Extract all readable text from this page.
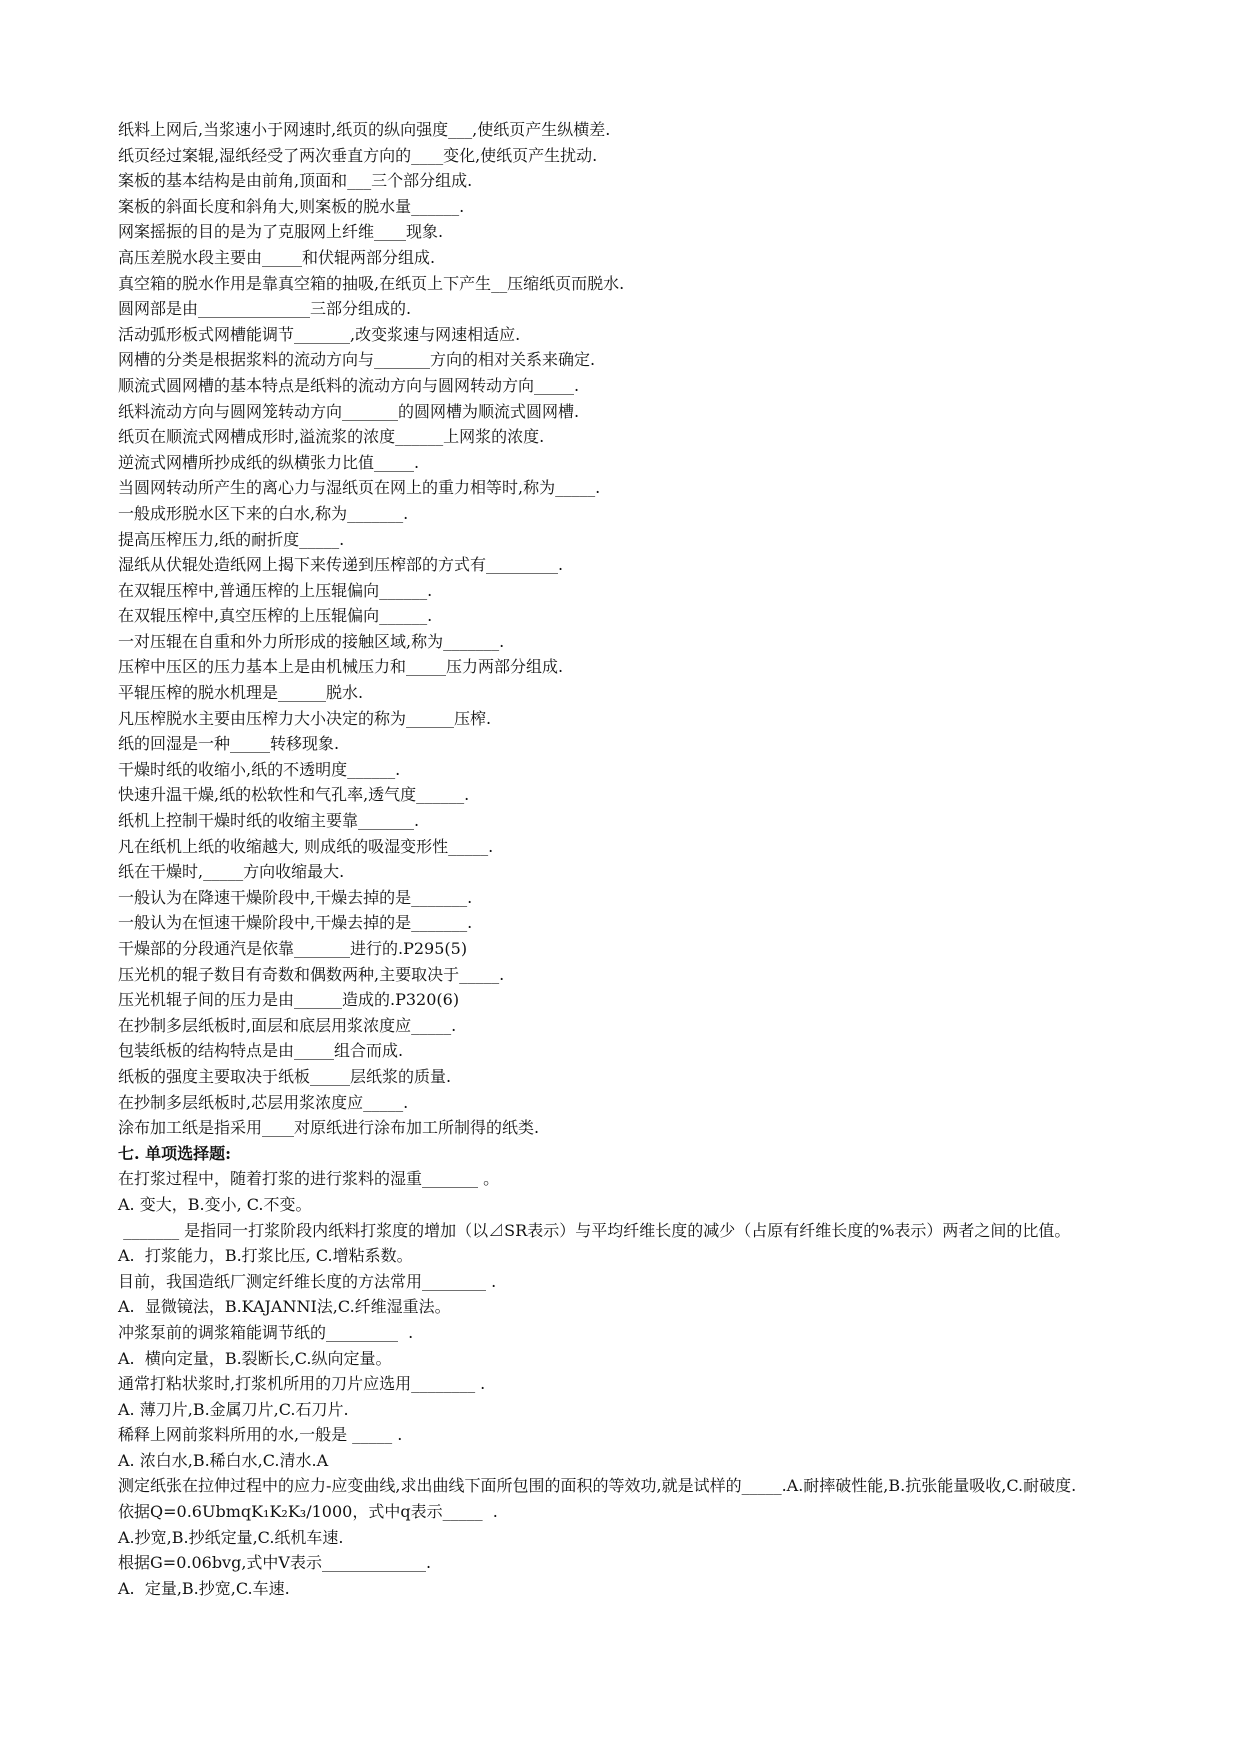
纸料上网后,当浆速小于网速时,纸页的纵向强度___,使纸页产生纵横差.
纸页经过案辊,湿纸经受了两次垂直方向的____变化,使纸页产生扰动.
案板的基本结构是由前角,顶面和___三个部分组成.
案板的斜面长度和斜角大,则案板的脱水量______.
网案摇振的目的是为了克服网上纤维____现象.
高压差脱水段主要由_____和伏辊两部分组成.
真空箱的脱水作用是靠真空箱的抽吸,在纸页上下产生__压缩纸页而脱水.
圆网部是由______________三部分组成的.
活动弧形板式网槽能调节_______,改变浆速与网速相适应.
网槽的分类是根据浆料的流动方向与_______方向的相对关系来确定.
顺流式圆网槽的基本特点是纸料的流动方向与圆网转动方向_____.
纸料流动方向与圆网笼转动方向_______的圆网槽为顺流式圆网槽.
纸页在顺流式网槽成形时,溢流浆的浓度______上网浆的浓度.
逆流式网槽所抄成纸的纵横张力比值_____.
当圆网转动所产生的离心力与湿纸页在网上的重力相等时,称为_____.
一般成形脱水区下来的白水,称为_______.
提高压榨压力,纸的耐折度_____.
湿纸从伏辊处造纸网上揭下来传递到压榨部的方式有_________.
在双辊压榨中,普通压榨的上压辊偏向______.
在双辊压榨中,真空压榨的上压辊偏向______.
一对压辊在自重和外力所形成的接触区域,称为_______.
压榨中压区的压力基本上是由机械压力和_____压力两部分组成.
平辊压榨的脱水机理是______脱水.
凡压榨脱水主要由压榨力大小决定的称为______压榨.
纸的回湿是一种_____转移现象.
干燥时纸的收缩小,纸的不透明度______.
快速升温干燥,纸的松软性和气孔率,透气度______.
纸机上控制干燥时纸的收缩主要靠_______.
凡在纸机上纸的收缩越大, 则成纸的吸湿变形性_____.
纸在干燥时,_____方向收缩最大.
一般认为在降速干燥阶段中,干燥去掉的是_______.
一般认为在恒速干燥阶段中,干燥去掉的是_______.
干燥部的分段通汽是依靠_______进行的.P295(5)
压光机的辊子数目有奇数和偶数两种,主要取决于_____.
压光机辊子间的压力是由______造成的.P320(6)
在抄制多层纸板时,面层和底层用浆浓度应_____.
包装纸板的结构特点是由_____组合而成.
纸板的强度主要取决于纸板_____层纸浆的质量.
在抄制多层纸板时,芯层用浆浓度应_____.
涂布加工纸是指采用____对原纸进行涂布加工所制得的纸类.
七. 单项选择题:
在打浆过程中，随着打浆的进行浆料的湿重_______ 。
A. 变大，B.变小, C.不变。
_______ 是指同一打浆阶段内纸料打浆度的增加（以⊿SR表示）与平均纤维长度的减少（占原有纤维长度的%表示）两者之间的比值。
A.  打浆能力，B.打浆比压, C.增粘系数。
目前，我国造纸厂测定纤维长度的方法常用________ .
A.  显微镜法，B.KAJANNI法,C.纤维湿重法。
冲浆泵前的调浆箱能调节纸的_________  .
A.  横向定量，B.裂断长,C.纵向定量。
通常打粘状浆时,打浆机所用的刀片应选用________ .
A. 薄刀片,B.金属刀片,C.石刀片.
稀释上网前浆料所用的水,一般是 _____ .
A. 浓白水,B.稀白水,C.清水.A
测定纸张在拉伸过程中的应力-应变曲线,求出曲线下面所包围的面积的等效功,就是试样的_____.A.耐摔破性能,B.抗张能量吸收,C.耐破度.
依据Q=0.6UbmqK₁K₂K₃/1000，式中q表示_____  .
A.抄宽,B.抄纸定量,C.纸机车速.
根据G=0.06bvg,式中V表示_____________.
A.  定量,B.抄宽,C.车速.
